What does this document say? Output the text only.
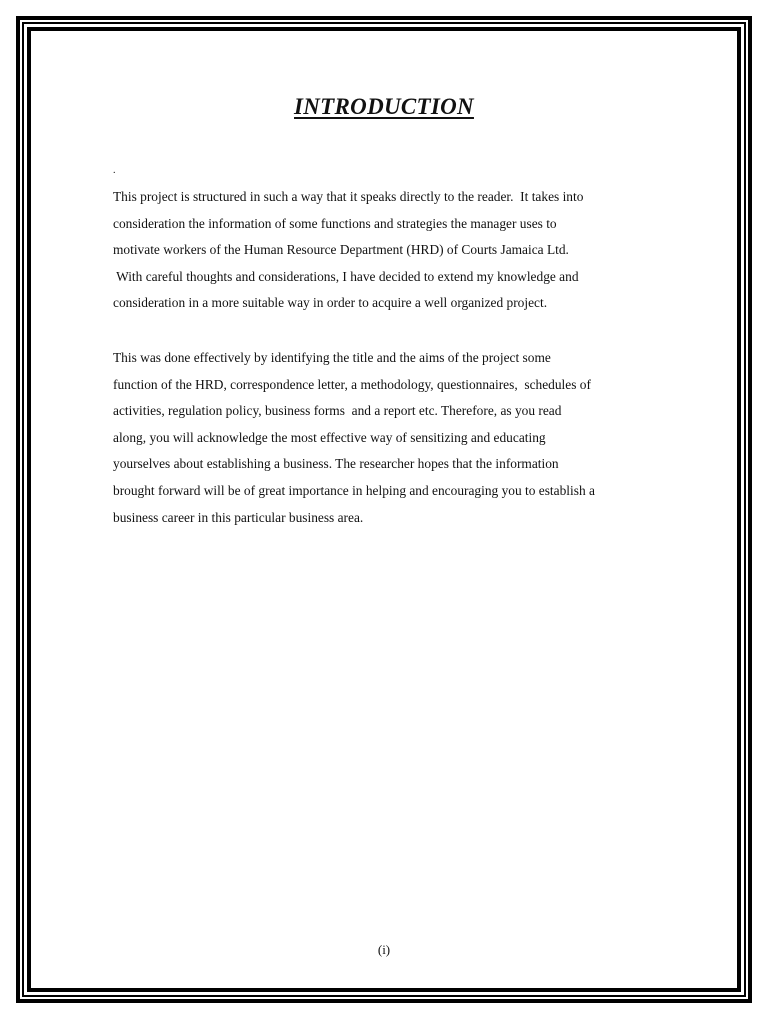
INTRODUCTION
.

This project is structured in such a way that it speaks directly to the reader.  It takes into
consideration the information of some functions and strategies the manager uses to
motivate workers of the Human Resource Department (HRD) of Courts Jamaica Ltd.
With careful thoughts and considerations, I have decided to extend my knowledge and
consideration in a more suitable way in order to acquire a well organized project.

This was done effectively by identifying the title and the aims of the project some
function of the HRD, correspondence letter, a methodology, questionnaires,  schedules of
activities, regulation policy, business forms  and a report etc. Therefore, as you read
along, you will acknowledge the most effective way of sensitizing and educating
yourselves about establishing a business. The researcher hopes that the information
brought forward will be of great importance in helping and encouraging you to establish a
business career in this particular business area.

(i)
